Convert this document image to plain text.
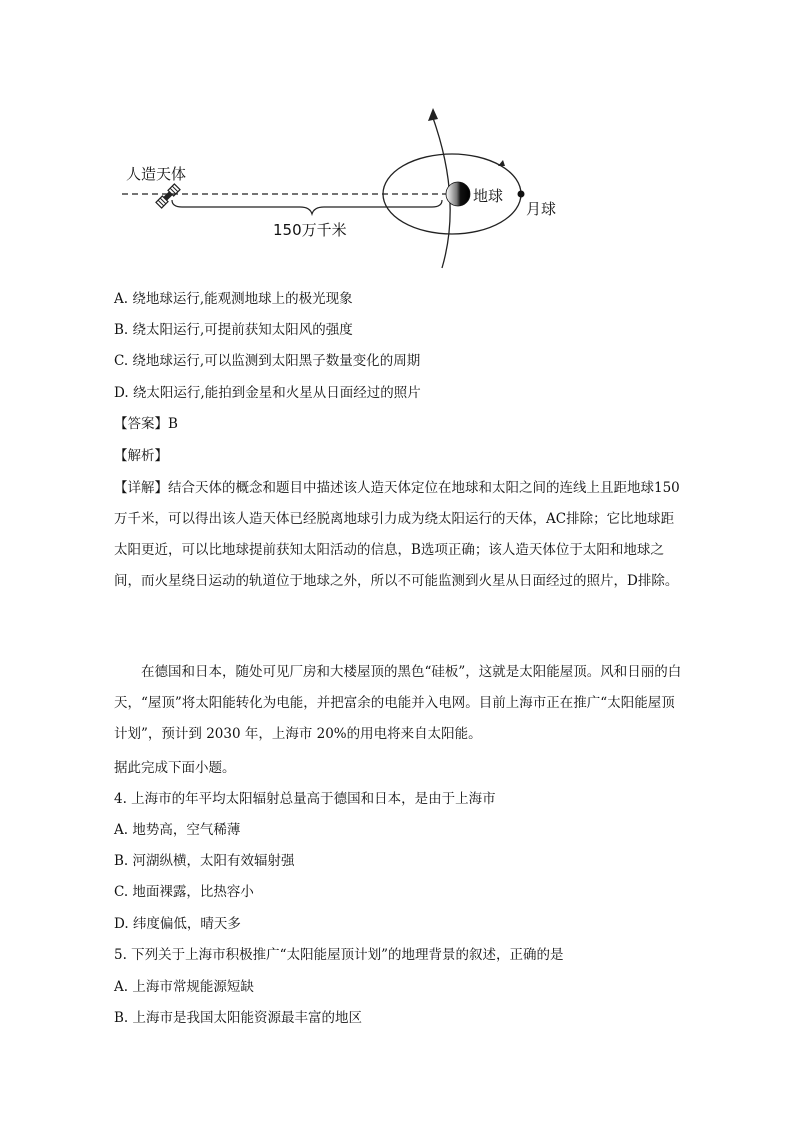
人造天体
150万千米
地球
月球
A. 绕地球运行,能观测地球上的极光现象
B. 绕太阳运行,可提前获知太阳风的强度
C. 绕地球运行,可以监测到太阳黑子数量变化的周期
D. 绕太阳运行,能拍到金星和火星从日面经过的照片
【答案】B
【解析】

【详解】结合天体的概念和题目中描述该人造天体定位在地球和太阳之间的连线上且距地球150万千米，可以得出该人造天体已经脱离地球引力成为绕太阳运行的天体，AC排除；它比地球距太阳更近，可以比地球提前获知太阳活动的信息，B选项正确；该人造天体位于太阳和地球之间，而火星绕日运动的轨道位于地球之外，所以不可能监测到火星从日面经过的照片，D排除。

在德国和日本，随处可见厂房和大楼屋顶的黑色“硅板”，这就是太阳能屋顶。风和日丽的白天，“屋顶”将太阳能转化为电能，并把富余的电能并入电网。目前上海市正在推广“太阳能屋顶计划”，预计到 2030 年，上海市 20%的用电将来自太阳能。

据此完成下面小题。
4. 上海市的年平均太阳辐射总量高于德国和日本，是由于上海市
A. 地势高，空气稀薄
B. 河湖纵横，太阳有效辐射强
C. 地面裸露，比热容小
D. 纬度偏低，晴天多
5. 下列关于上海市积极推广“太阳能屋顶计划”的地理背景的叙述，正确的是
A. 上海市常规能源短缺
B. 上海市是我国太阳能资源最丰富的地区
